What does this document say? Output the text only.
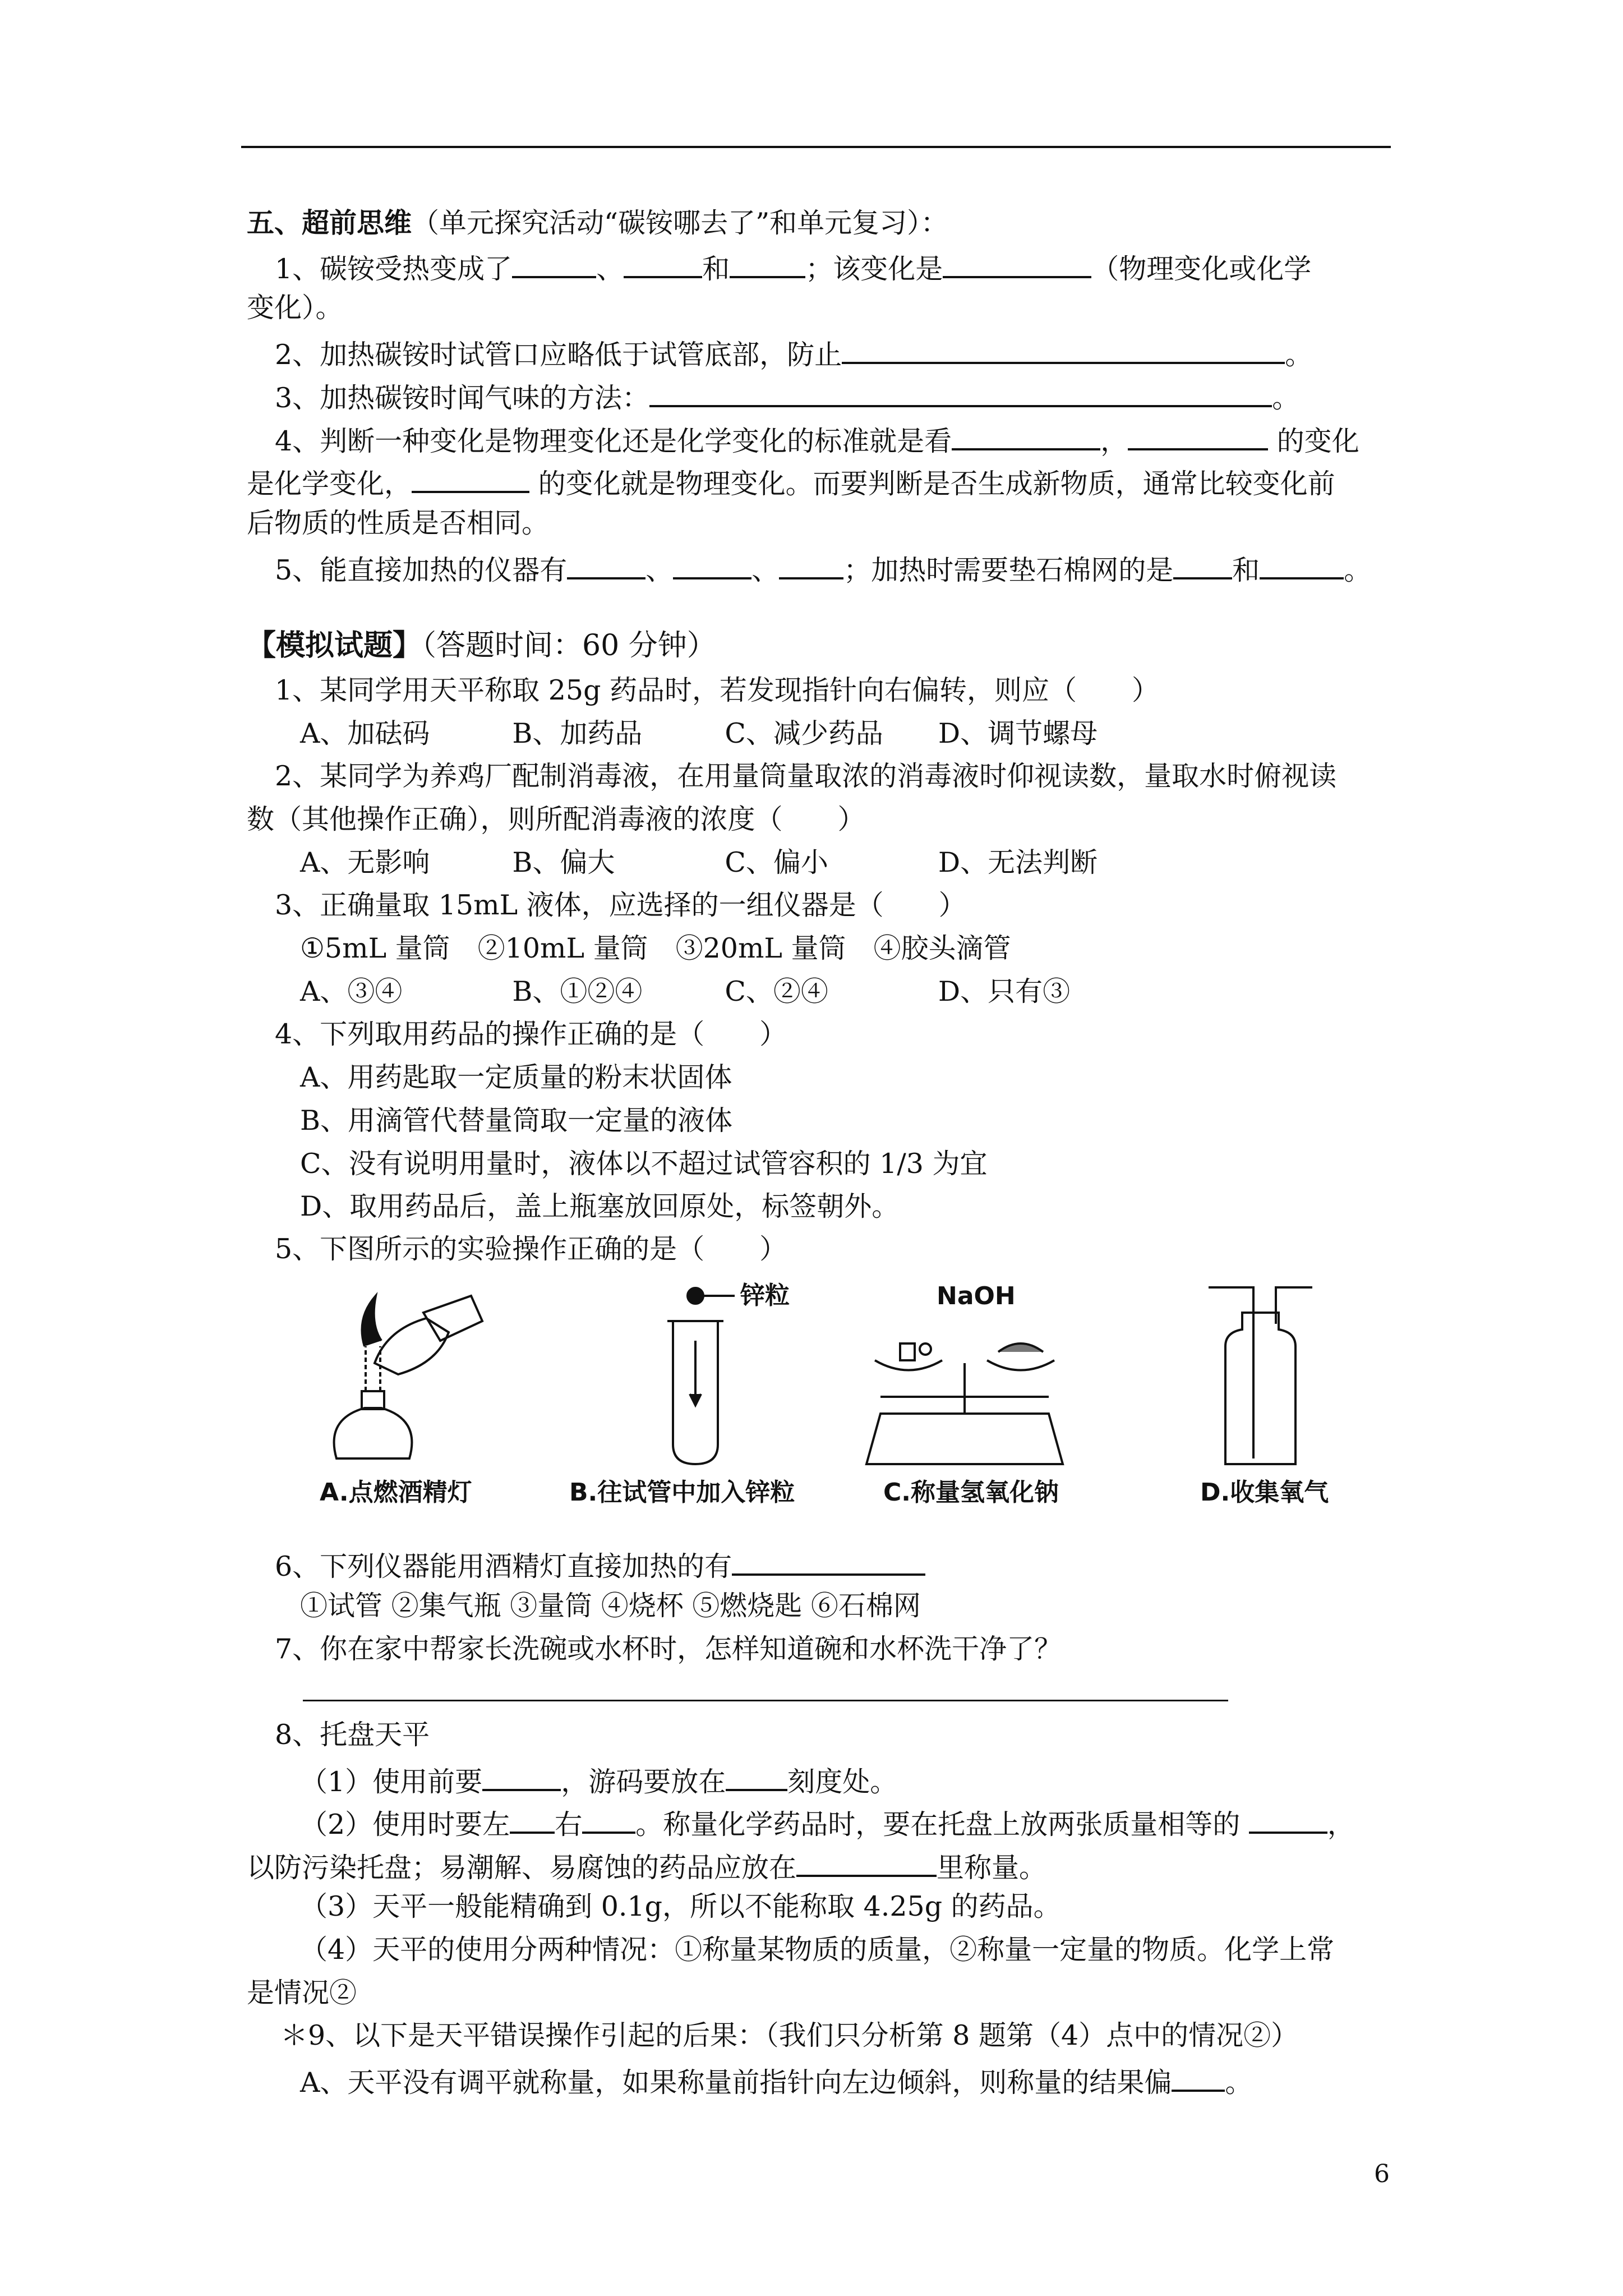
五、超前思维（单元探究活动“碳铵哪去了”和单元复习）：
1、碳铵受热变成了	、	和	；该变化是	（物理变化或化学
变化）。
2、加热碳铵时试管口应略低于试管底部，防止	。
3、加热碳铵时闻气味的方法：	。
4、判断一种变化是物理变化还是化学变化的标准就是看	，	的变化
是化学变化，	的变化就是物理变化。而要判断是否生成新物质，通常比较变化前
后物质的性质是否相同。
5、能直接加热的仪器有	、	、 ；加热时需要垫石棉网的是 和	。
【模拟试题】（答题时间：60 分钟）
1、某同学用天平称取 25g 药品时，若发现指针向右偏转，则应（　　）
A、加砝码　　　B、加药品　　　C、减少药品　　D、调节螺母
2、某同学为养鸡厂配制消毒液，在用量筒量取浓的消毒液时仰视读数，量取水时俯视读
数（其他操作正确），则所配消毒液的浓度（　　）
A、无影响　　　B、偏大　　　　C、偏小　　　　D、无法判断
3、正确量取 15mL 液体，应选择的一组仪器是（　　）
①5mL 量筒　②10mL 量筒　③20mL 量筒　④胶头滴管
A、③④　　　　B、①②④　　　C、②④　　　　D、只有③
4、下列取用药品的操作正确的是（　　）
A、用药匙取一定质量的粉末状固体
B、用滴管代替量筒取一定量的液体
C、没有说明用量时，液体以不超过试管容积的 1/3 为宜
D、取用药品后，盖上瓶塞放回原处，标签朝外。
5、下图所示的实验操作正确的是（　　）
A.点燃酒精灯
锌粒
B.往试管中加入锌粒
NaOH
C.称量氢氧化钠	D.收集氧气
6、下列仪器能用酒精灯直接加热的有
①试管 ②集气瓶 ③量筒 ④烧杯 ⑤燃烧匙 ⑥石棉网
7、你在家中帮家长洗碗或水杯时，怎样知道碗和水杯洗干净了？
8、托盘天平
（1）使用前要	，游码要放在 刻度处。
（2）使用时要左 右 。称量化学药品时，要在托盘上放两张质量相等的	，
以防污染托盘；易潮解、易腐蚀的药品应放在	里称量。
（3）天平一般能精确到 0.1g，所以不能称取 4.25g 的药品。
（4）天平的使用分两种情况：①称量某物质的质量，②称量一定量的物质。化学上常
是情况②
＊9、以下是天平错误操作引起的后果：（我们只分析第 8 题第（4）点中的情况②）
A、天平没有调平就称量，如果称量前指针向左边倾斜，则称量的结果偏 。
6
